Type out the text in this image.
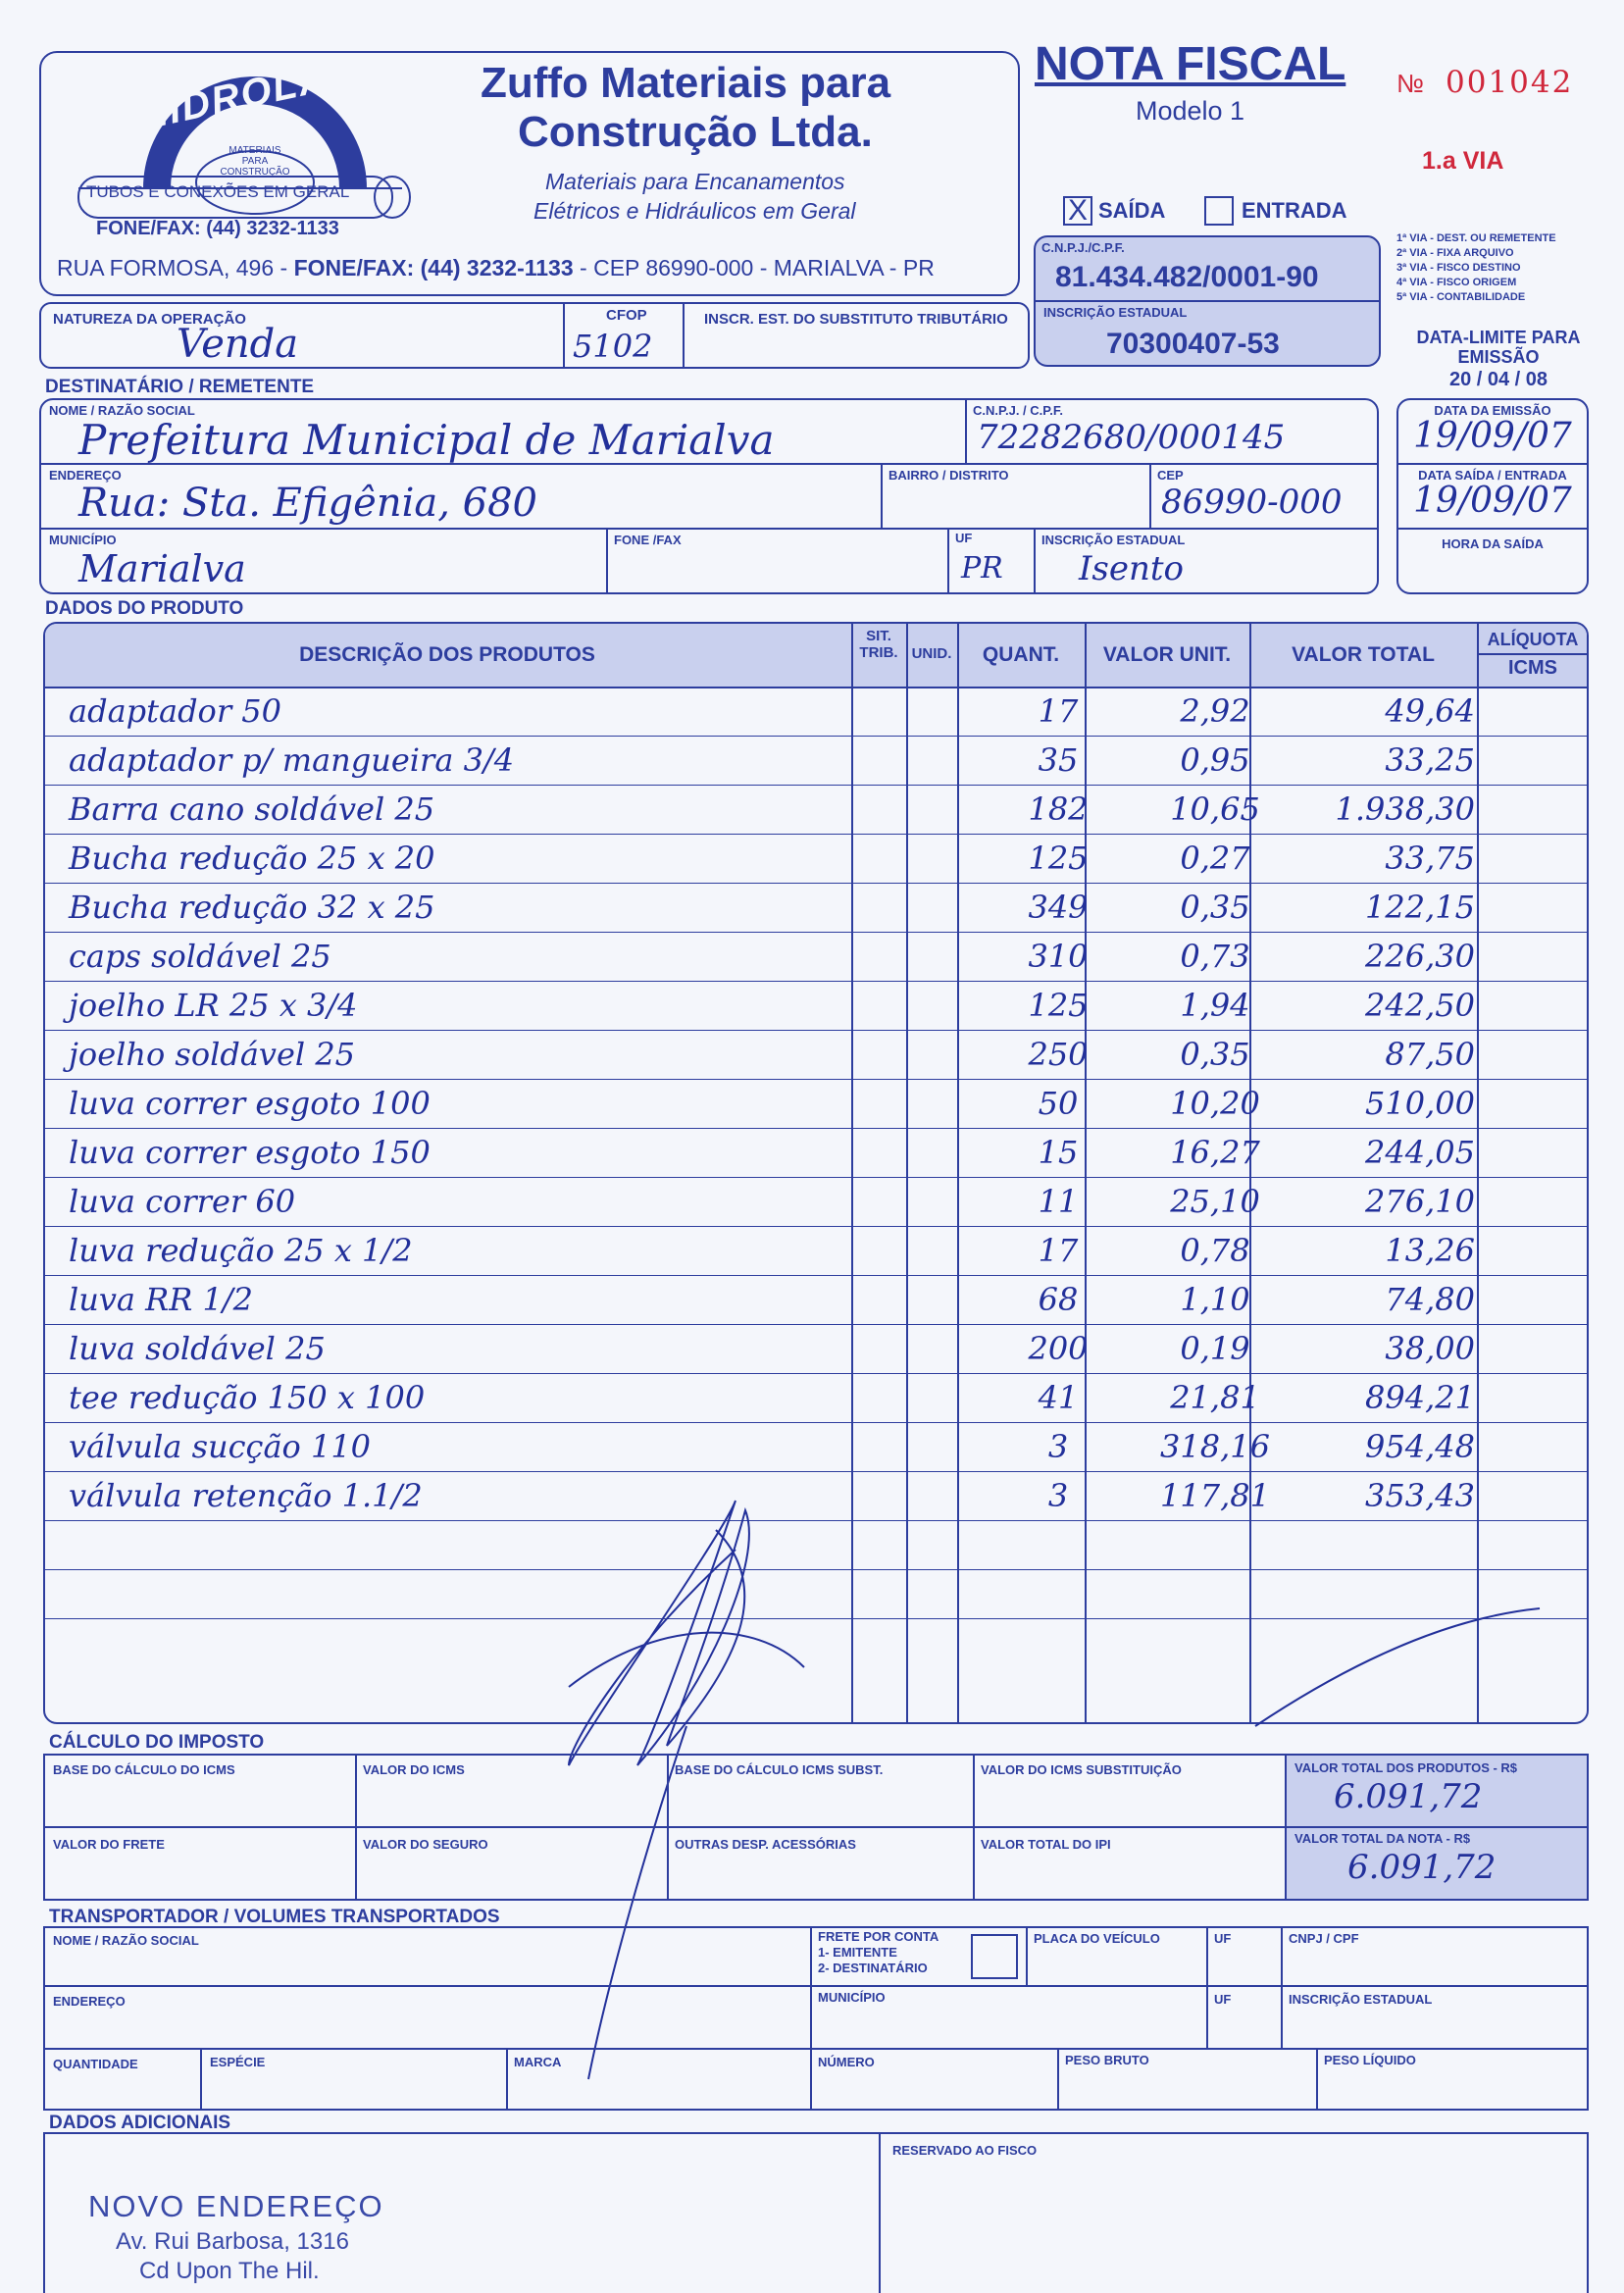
HIDROLAR
MATERIAIS PARA CONSTRUÇÃO
TUBOS E CONEXÕES EM GERAL
FONE/FAX: (44) 3232-1133
Zuffo Materiais para
Construção Ltda.
Materiais para Encanamentos
Elétricos e Hidráulicos em Geral
RUA FORMOSA, 496 - FONE/FAX: (44) 3232-1133 - CEP 86990-000 - MARIALVA - PR
NOTA FISCAL
Modelo 1
№ 001042
1.a VIA
X SAÍDA	ENTRADA
C.N.P.J./C.P.F.
81.434.482/0001-90
INSCRIÇÃO ESTADUAL
70300407-53
1ª VIA - DEST. OU REMETENTE
2ª VIA - FIXA ARQUIVO
3ª VIA - FISCO DESTINO
4ª VIA - FISCO ORIGEM
5ª VIA - CONTABILIDADE
DATA-LIMITE PARA
EMISSÃO
20 / 04 / 08
NATUREZA DA OPERAÇÃO
Venda
CFOP
5102
INSCR. EST. DO SUBSTITUTO TRIBUTÁRIO
DESTINATÁRIO / REMETENTE
NOME / RAZÃO SOCIAL
Prefeitura Municipal de Marialva
C.N.P.J. / C.P.F.
72282680/000145
ENDEREÇO
Rua: Sta. Efigênia, 680
BAIRRO / DISTRITO	CEP
86990-000
MUNICÍPIO
Marialva
FONE /FAX	UF
PR
INSCRIÇÃO ESTADUAL
Isento
DATA DA EMISSÃO
19/09/07
DATA SAÍDA / ENTRADA
19/09/07
HORA DA SAÍDA
DADOS DO PRODUTO
DESCRIÇÃO DOS PRODUTOS
SIT.
TRIB. UNID.	QUANT.	VALOR UNIT.	VALOR TOTAL
ALÍQUOTA
ICMS
adaptador 50	17	2,92	49,64
adaptador p/ mangueira 3/4	35	0,95	33,25
Barra cano soldável 25	182	10,65	1.938,30
Bucha redução 25 x 20	125	0,27	33,75
Bucha redução 32 x 25	349	0,35	122,15
caps soldável 25	310	0,73	226,30
joelho LR 25 x 3/4	125	1,94	242,50
joelho soldável 25	250	0,35	87,50
luva correr esgoto 100	50	10,20	510,00
luva correr esgoto 150	15	16,27	244,05
luva correr 60	11	25,10	276,10
luva redução 25 x 1/2	17	0,78	13,26
luva RR 1/2	68	1,10	74,80
luva soldável 25	200	0,19	38,00
tee redução 150 x 100	41	21,81	894,21
válvula sucção 110	3	318,16	954,48
válvula retenção 1.1/2	3	117,81	353,43
CÁLCULO DO IMPOSTO
BASE DO CÁLCULO DO ICMS	VALOR DO ICMS	BASE DO CÁLCULO ICMS SUBST.	VALOR DO ICMS SUBSTITUIÇÃO	VALOR TOTAL DOS PRODUTOS - R$
6.091,72
VALOR DO FRETE	VALOR DO SEGURO	OUTRAS DESP. ACESSÓRIAS	VALOR TOTAL DO IPI	VALOR TOTAL DA NOTA - R$
6.091,72
TRANSPORTADOR / VOLUMES TRANSPORTADOS
NOME / RAZÃO SOCIAL	FRETE POR CONTA
1- EMITENTE
2- DESTINATÁRIO
PLACA DO VEÍCULO	UF	CNPJ / CPF
ENDEREÇO	MUNICÍPIO	UF	INSCRIÇÃO ESTADUAL
QUANTIDADE	ESPÉCIE	MARCA	NÚMERO	PESO BRUTO	PESO LÍQUIDO
DADOS ADICIONAIS
RESERVADO AO FISCO
NOVO ENDEREÇO
Av. Rui Barbosa, 1316
Cd Upon The Hil.
